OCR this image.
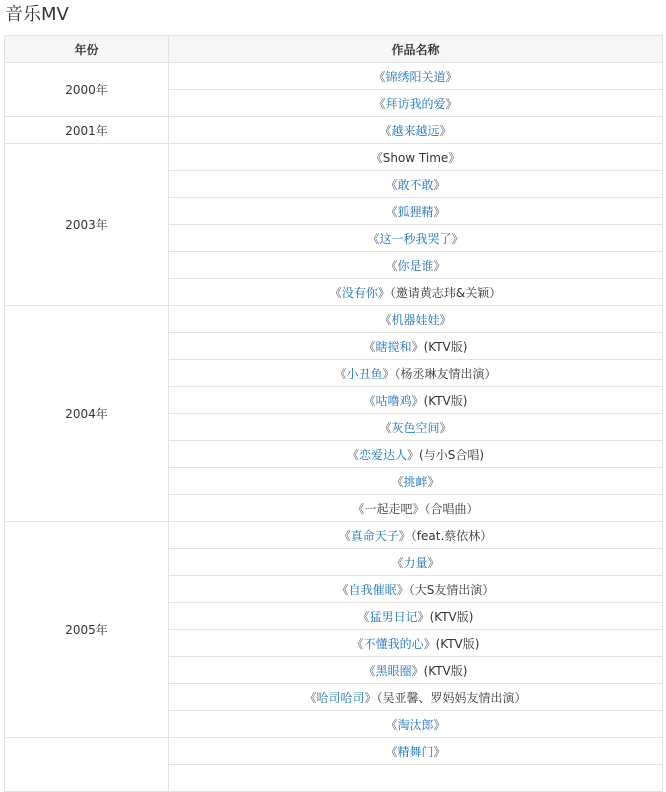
音乐MV
年份	作品名称
2000年	《锦绣阳关道》
	《拜访我的爱》
2001年	《越来越远》
2003年	《Show Time》
	《敢不敢》
	《狐狸精》
	《这一秒我哭了》
	《你是谁》
	《没有你》（邀请黄志玮&关颖）
2004年	《机器娃娃》
	《瞎搅和》(KTV版)
	《小丑鱼》（杨丞琳友情出演）
	《咕噜鸡》(KTV版)
	《灰色空间》
	《恋爱达人》(与小S合唱)
	《挑衅》
	《一起走吧》（合唱曲）
2005年	《真命天子》（feat.蔡依林）
	《力量》
	《自我催眠》（大S友情出演）
	《猛男日记》(KTV版)
	《不懂我的心》(KTV版)
	《黑眼圈》(KTV版)
	《哈司哈司》（吴亚馨、罗妈妈友情出演）
	《淘汰郎》
	《精舞门》
